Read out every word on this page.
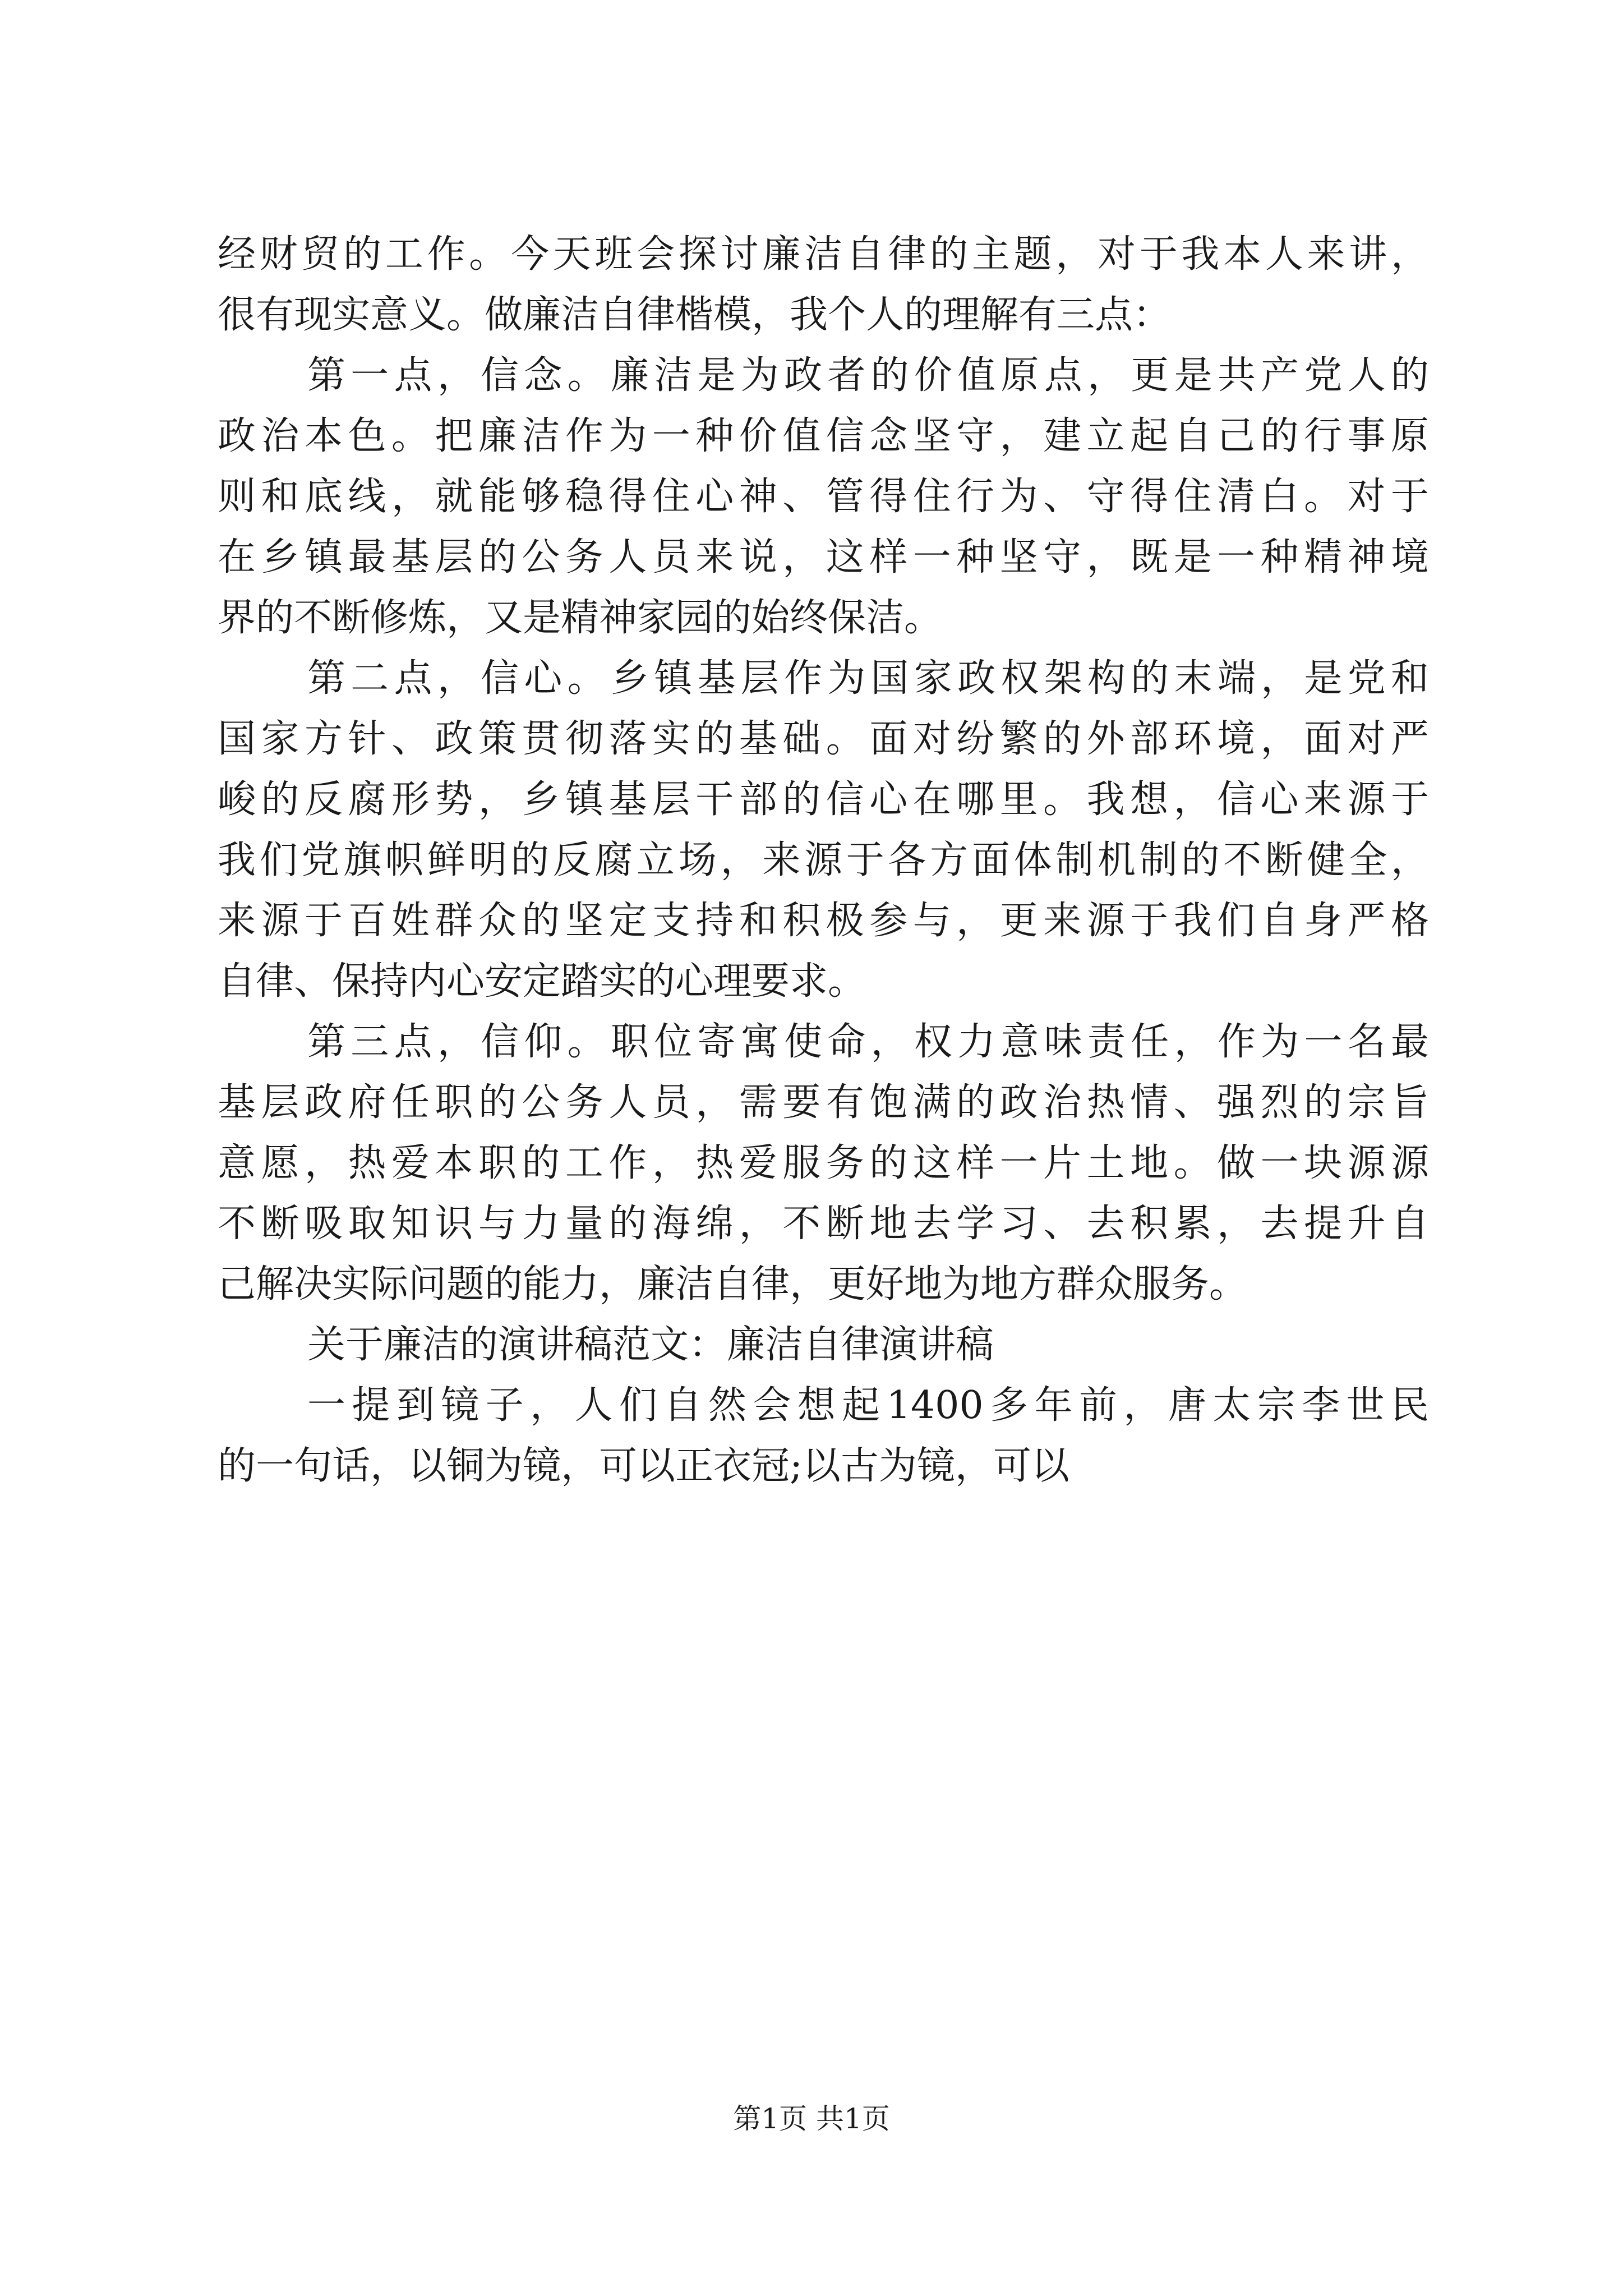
经财贸的工作。今天班会探讨廉洁自律的主题，对于我本人来讲，
很有现实意义。做廉洁自律楷模，我个人的理解有三点：
第一点，信念。廉洁是为政者的价值原点，更是共产党人的
政治本色。把廉洁作为一种价值信念坚守，建立起自己的行事原
则和底线，就能够稳得住心神、管得住行为、守得住清白。对于
在乡镇最基层的公务人员来说，这样一种坚守，既是一种精神境
界的不断修炼，又是精神家园的始终保洁。
第二点，信心。乡镇基层作为国家政权架构的末端，是党和
国家方针、政策贯彻落实的基础。面对纷繁的外部环境，面对严
峻的反腐形势，乡镇基层干部的信心在哪里。我想，信心来源于
我们党旗帜鲜明的反腐立场，来源于各方面体制机制的不断健全，
来源于百姓群众的坚定支持和积极参与，更来源于我们自身严格
自律、保持内心安定踏实的心理要求。
第三点，信仰。职位寄寓使命，权力意味责任，作为一名最
基层政府任职的公务人员，需要有饱满的政治热情、强烈的宗旨
意愿，热爱本职的工作，热爱服务的这样一片土地。做一块源源
不断吸取知识与力量的海绵，不断地去学习、去积累，去提升自
己解决实际问题的能力，廉洁自律，更好地为地方群众服务。
关于廉洁的演讲稿范文：廉洁自律演讲稿
一提到镜子，人们自然会想起1400多年前，唐太宗李世民
的一句话，以铜为镜，可以正衣冠;以古为镜，可以
第1页 共1页
